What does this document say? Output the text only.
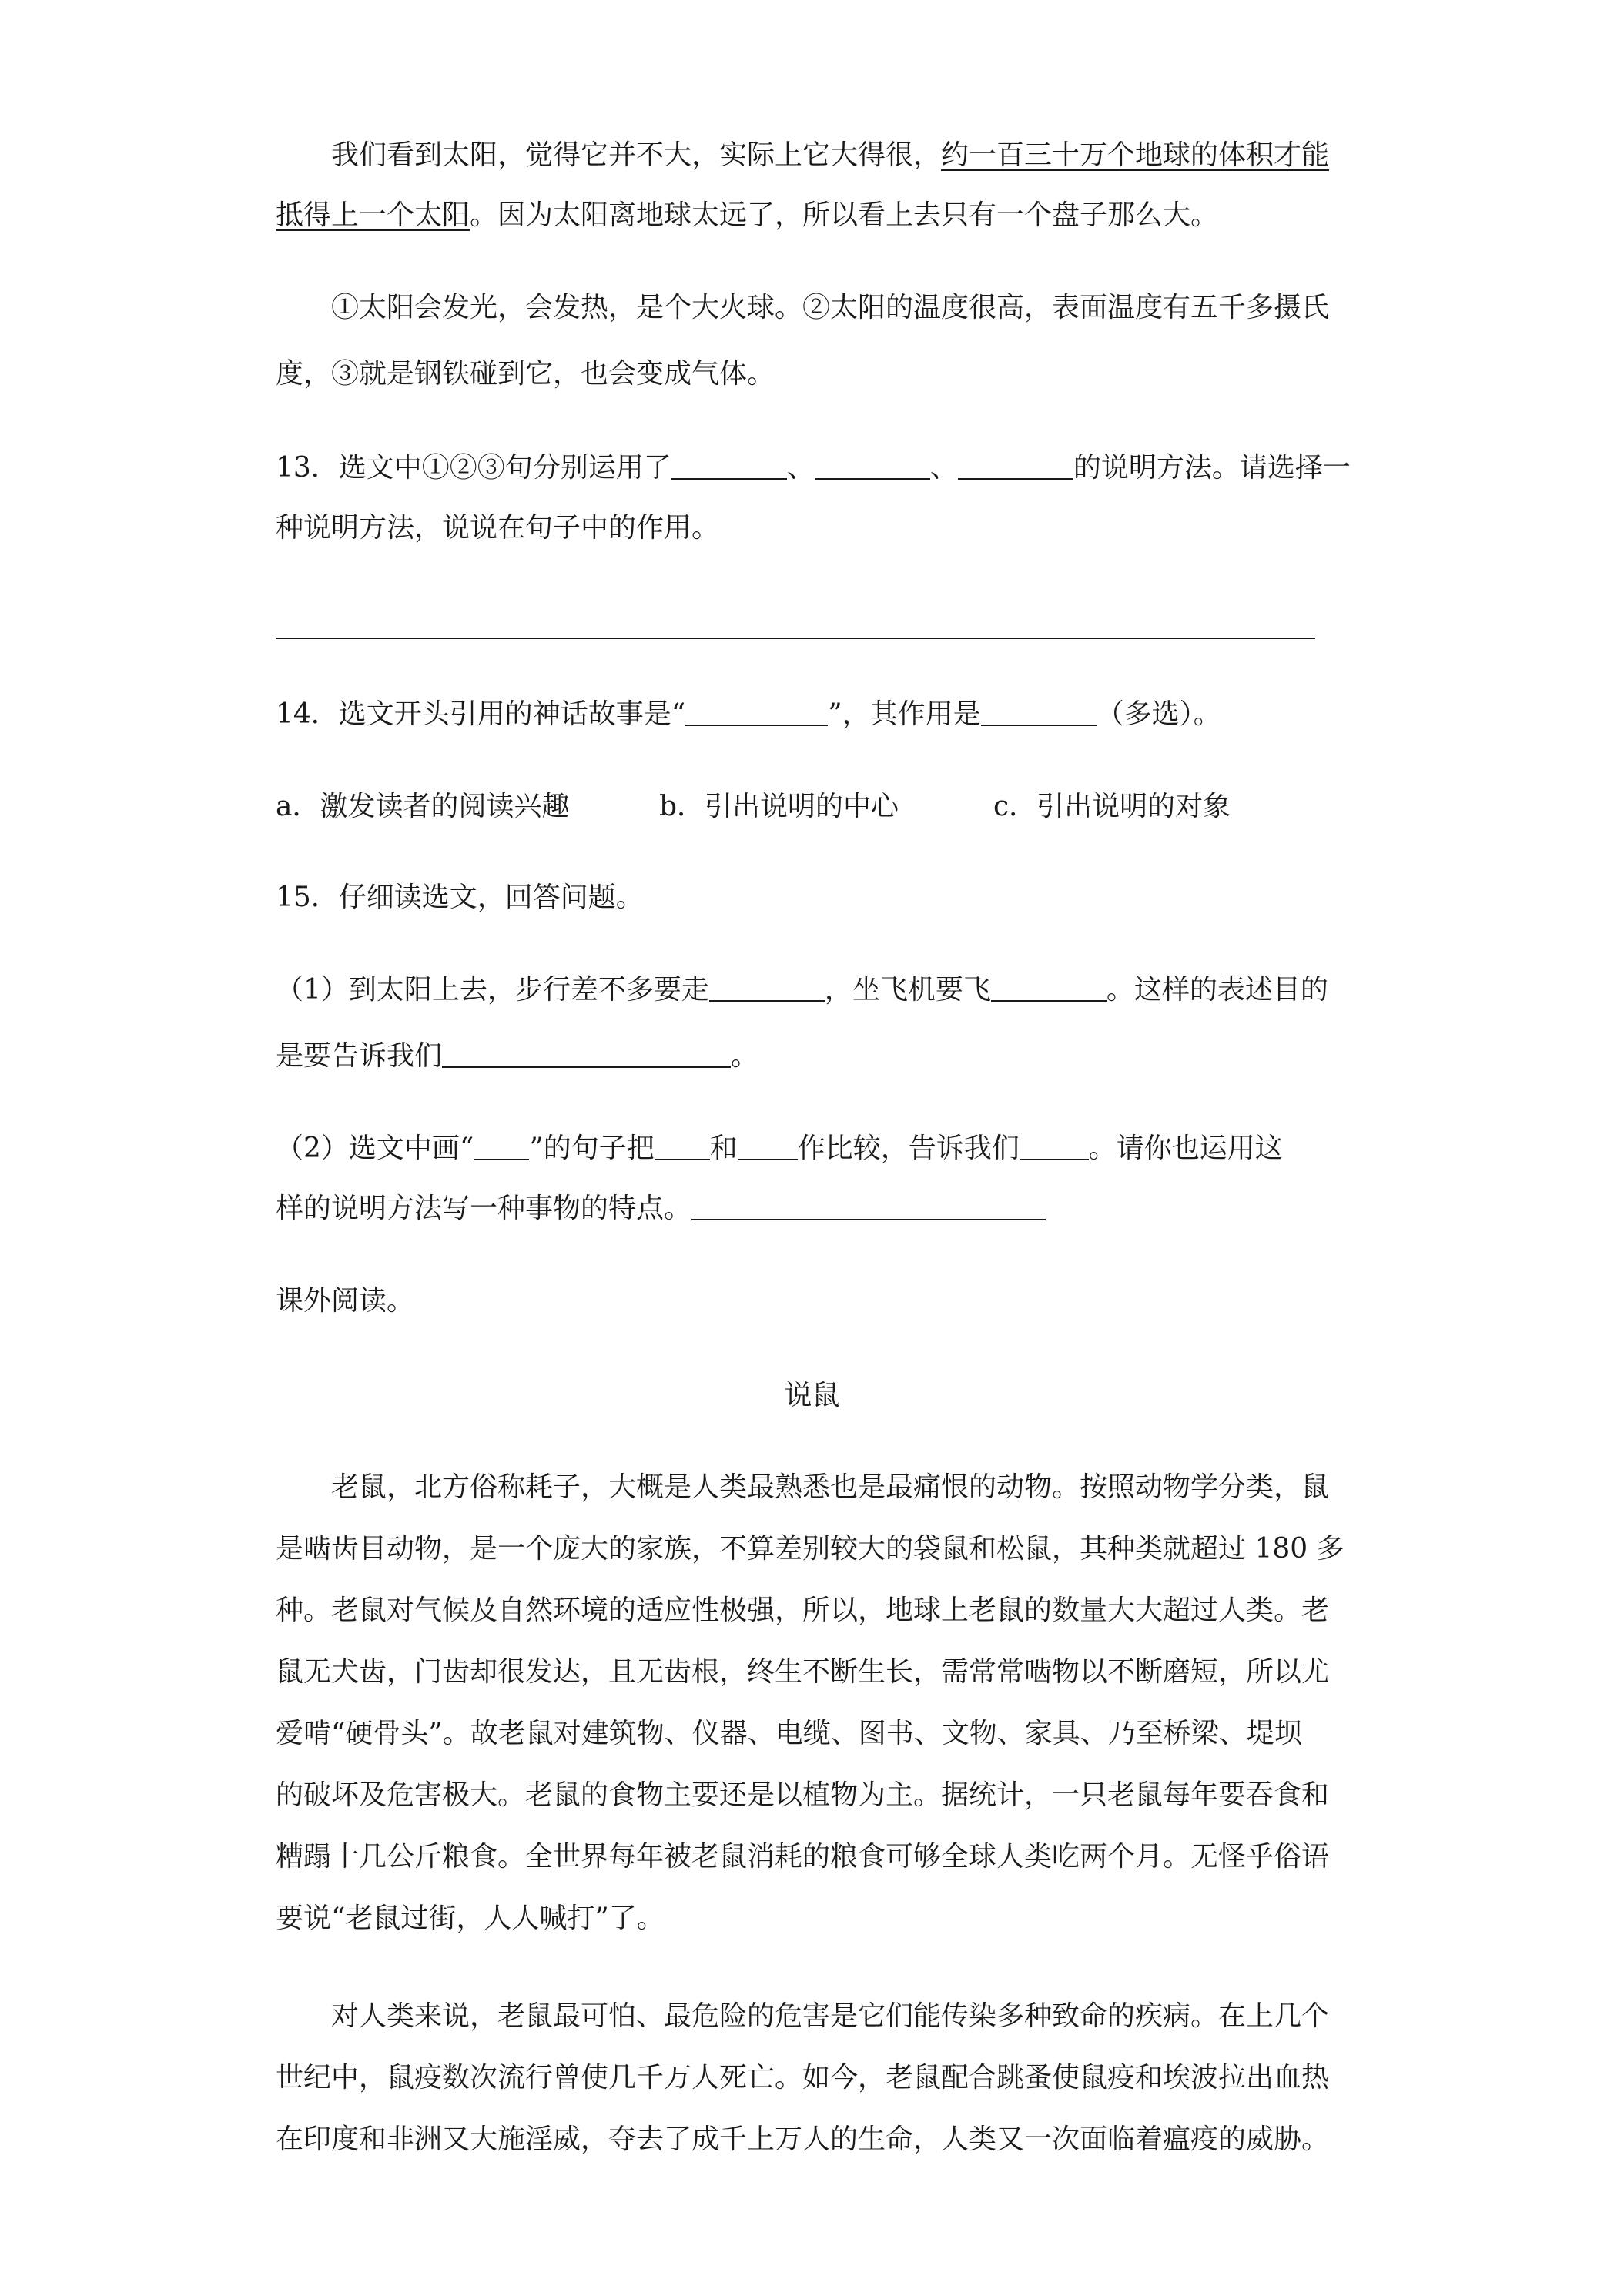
我们看到太阳，觉得它并不大，实际上它大得很，约一百三十万个地球的体积才能
抵得上一个太阳。因为太阳离地球太远了，所以看上去只有一个盘子那么大。
①太阳会发光，会发热，是个大火球。②太阳的温度很高，表面温度有五千多摄氏
度，③就是钢铁碰到它，也会变成气体。
13．选文中①②③句分别运用了	、	、	的说明方法。请选择一
种说明方法，说说在句子中的作用。
14．选文开头引用的神话故事是“	”，其作用是	（多选）。
a．激发读者的阅读兴趣	b．引出说明的中心	c．引出说明的对象
15．仔细读选文，回答问题。
（1）到太阳上去，步行差不多要走	，坐飞机要飞	。这样的表述目的
是要告诉我们	。
（2）选文中画“ ”的句子把 和 作比较，告诉我们	。请你也运用这
样的说明方法写一种事物的特点。
课外阅读。
说鼠
老鼠，北方俗称耗子，大概是人类最熟悉也是最痛恨的动物。按照动物学分类，鼠
是啮齿目动物，是一个庞大的家族，不算差别较大的袋鼠和松鼠，其种类就超过 180 多
种。老鼠对气候及自然环境的适应性极强，所以，地球上老鼠的数量大大超过人类。老
鼠无犬齿，门齿却很发达，且无齿根，终生不断生长，需常常啮物以不断磨短，所以尤
爱啃“硬骨头”。故老鼠对建筑物、仪器、电缆、图书、文物、家具、乃至桥梁、堤坝
的破坏及危害极大。老鼠的食物主要还是以植物为主。据统计，一只老鼠每年要吞食和
糟蹋十几公斤粮食。全世界每年被老鼠消耗的粮食可够全球人类吃两个月。无怪乎俗语
要说“老鼠过街，人人喊打”了。
对人类来说，老鼠最可怕、最危险的危害是它们能传染多种致命的疾病。在上几个
世纪中，鼠疫数次流行曾使几千万人死亡。如今，老鼠配合跳蚤使鼠疫和埃波拉出血热
在印度和非洲又大施淫威，夺去了成千上万人的生命，人类又一次面临着瘟疫的威胁。
